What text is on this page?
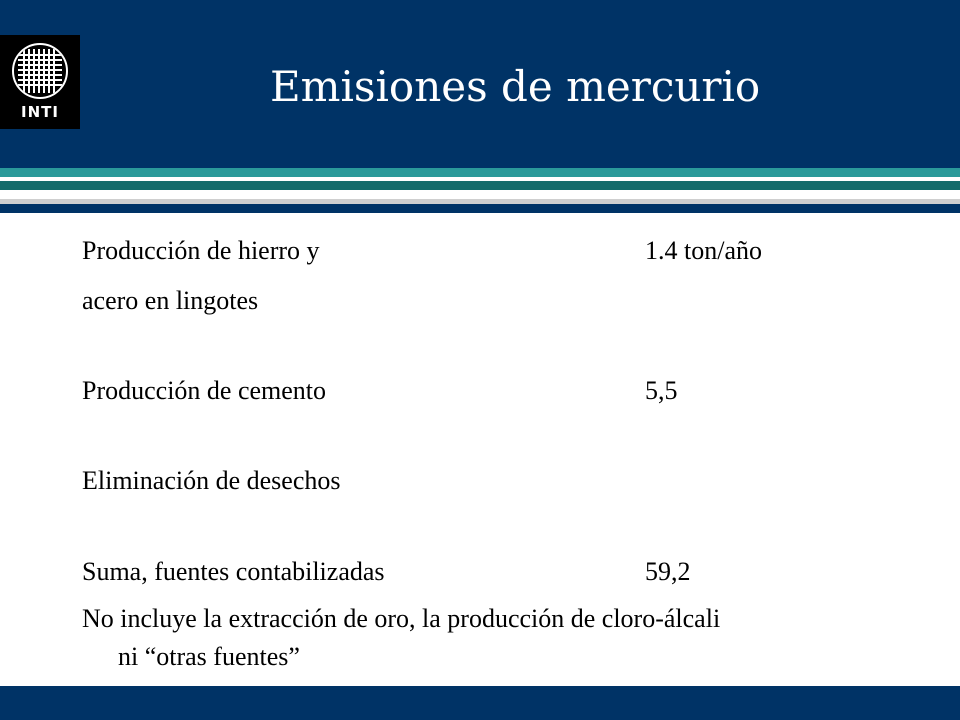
INTI
Emisiones de mercurio
Producción de hierro y	1.4 ton/año
acero en lingotes
Producción de cemento	5,5
Eliminación de desechos
Suma, fuentes contabilizadas	59,2
No incluye la extracción de oro, la producción de cloro-álcali
ni “otras fuentes”
